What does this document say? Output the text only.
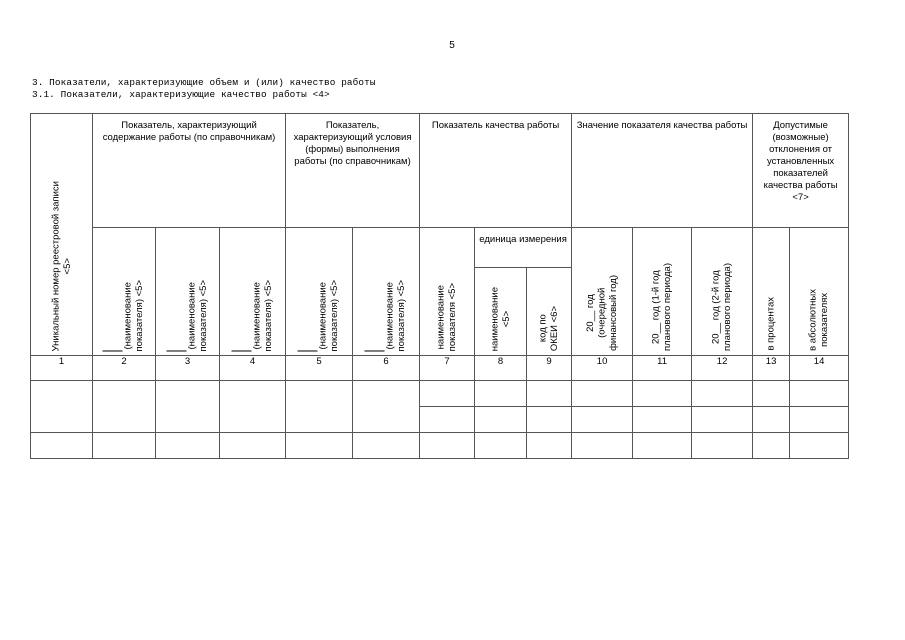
5
3. Показатели, характеризующие объем и (или) качество работы
3.1. Показатели, характеризующие качество работы <4>
Уникальный номер реестровой записи <5>	Показатель, характеризующий содержание работы (по справочникам)			Показатель, характеризующий условия (формы) выполнения работы (по справочникам)		Показатель качества работы			Значение показателя качества работы			Допустимые (возможные) отклонения от установленных показателей качества работы <7>	

	(наименование показателя) <5>	(наименование показателя) <5>	(наименование показателя) <5>	(наименование показателя) <5>	(наименование показателя) <5>	наименование показателя <5>	единица измерения		20__ год (очередной финансовый год)	20__ год (1-й год планового периода)	20__ год (2-й год планового периода)	в процентах	в абсолютных показателях

							наименование <5>	код по ОКЕИ <6>					

1	2	3	4	5	6	7	8	9	10	11	12	13	14
